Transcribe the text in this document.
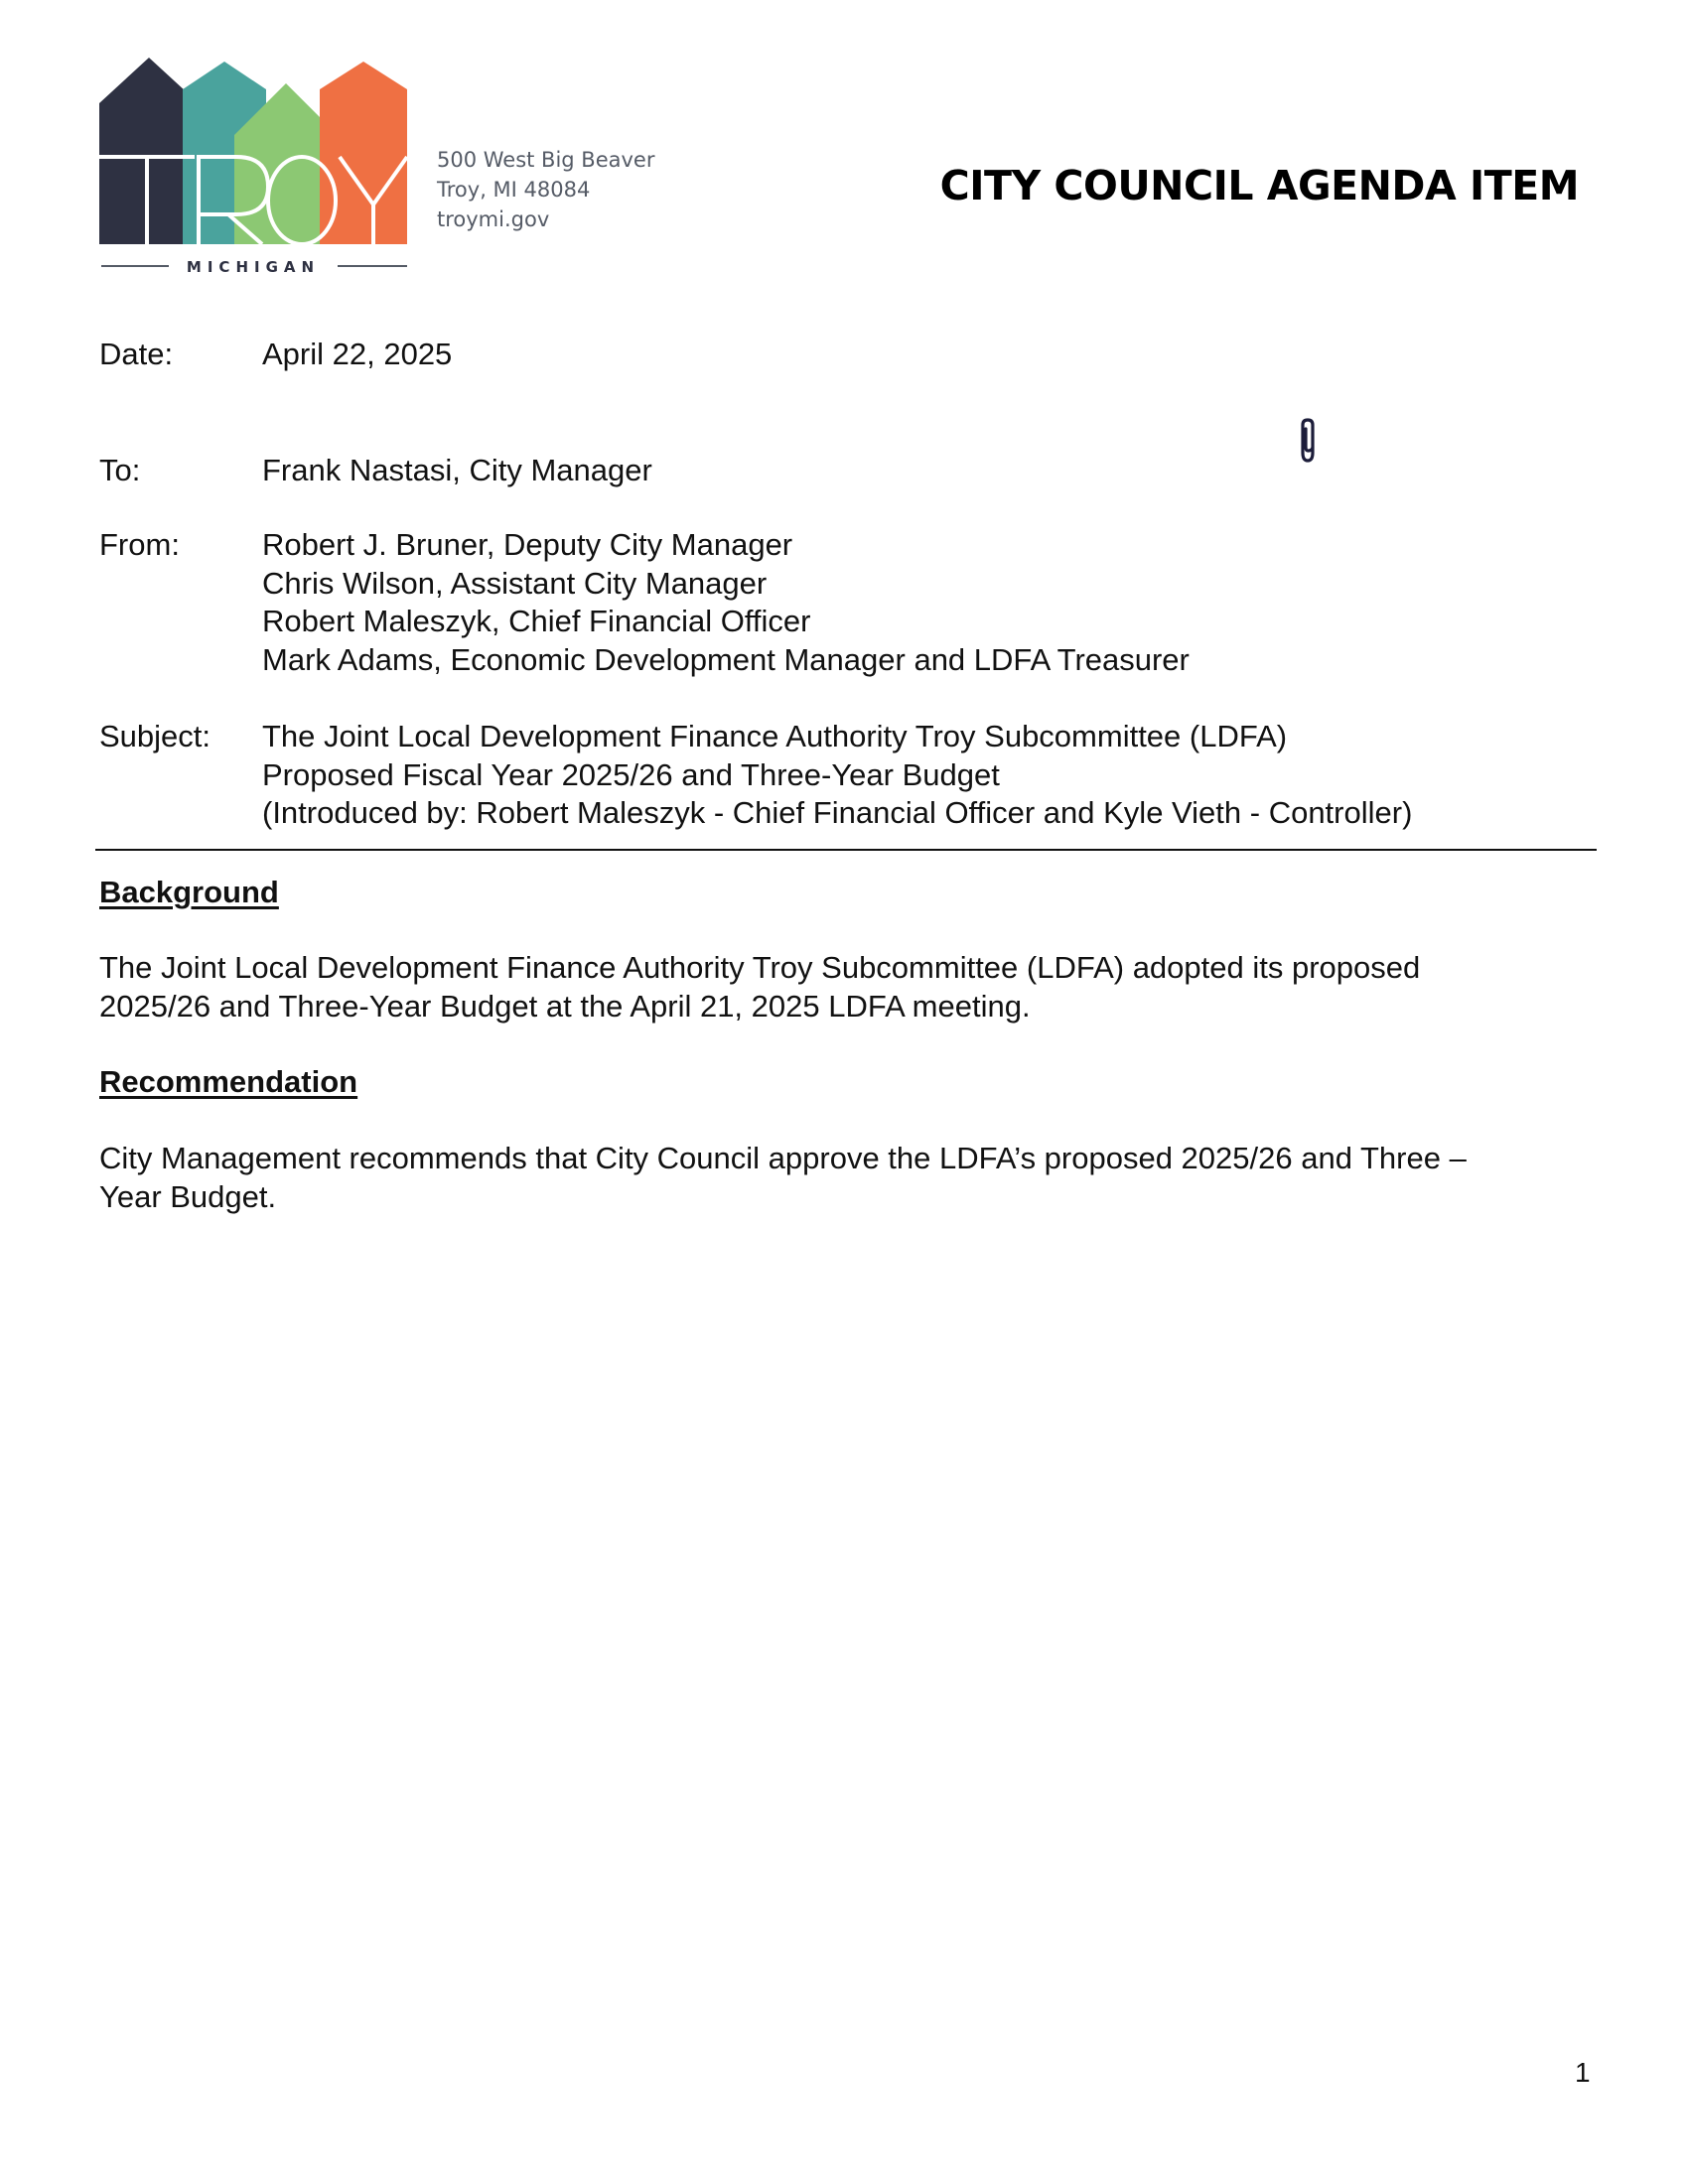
MICHIGAN
500 West Big Beaver
Troy, MI 48084
troymi.gov
CITY COUNCIL AGENDA ITEM
Date:	April 22, 2025
To:	Frank Nastasi, City Manager
From:	Robert J. Bruner, Deputy City Manager
Chris Wilson, Assistant City Manager
Robert Maleszyk, Chief Financial Officer
Mark Adams, Economic Development Manager and LDFA Treasurer
Subject:	The Joint Local Development Finance Authority Troy Subcommittee (LDFA)
Proposed Fiscal Year 2025/26 and Three-Year Budget
(Introduced by: Robert Maleszyk - Chief Financial Officer and Kyle Vieth - Controller)
Background
The Joint Local Development Finance Authority Troy Subcommittee (LDFA) adopted its proposed
2025/26 and Three-Year Budget at the April 21, 2025 LDFA meeting.
Recommendation
City Management recommends that City Council approve the LDFA’s proposed 2025/26 and Three –
Year Budget.
1
